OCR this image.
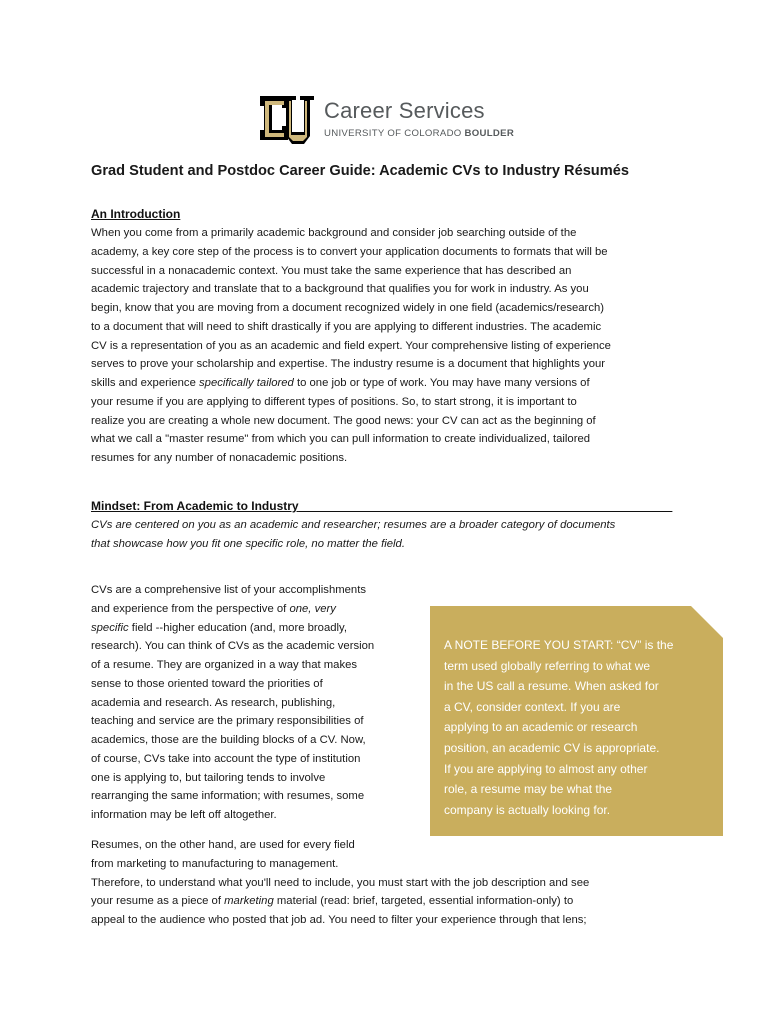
Career Services
UNIVERSITY OF COLORADO BOULDER
Grad Student and Postdoc Career Guide: Academic CVs to Industry Résumés
An Introduction
When you come from a primarily academic background and consider job searching outside of the
academy, a key core step of the process is to convert your application documents to formats that will be
successful in a nonacademic context. You must take the same experience that has described an
academic trajectory and translate that to a background that qualifies you for work in industry. As you
begin, know that you are moving from a document recognized widely in one field (academics/research)
to a document that will need to shift drastically if you are applying to different industries. The academic
CV is a representation of you as an academic and field expert. Your comprehensive listing of experience
serves to prove your scholarship and expertise. The industry resume is a document that highlights your
skills and experience specifically tailored to one job or type of work. You may have many versions of
your resume if you are applying to different types of positions. So, to start strong, it is important to
realize you are creating a whole new document. The good news: your CV can act as the beginning of
what we call a "master resume" from which you can pull information to create individualized, tailored
resumes for any number of nonacademic positions.
Mindset: From Academic to Industry________________________________________________________
CVs are centered on you as an academic and researcher; resumes are a broader category of documents
that showcase how you fit one specific role, no matter the field.
CVs are a comprehensive list of your accomplishments
and experience from the perspective of one, very
specific field --higher education (and, more broadly,
research). You can think of CVs as the academic version
of a resume. They are organized in a way that makes
sense to those oriented toward the priorities of
academia and research. As research, publishing,
teaching and service are the primary responsibilities of
academics, those are the building blocks of a CV. Now,
of course, CVs take into account the type of institution
one is applying to, but tailoring tends to involve
rearranging the same information; with resumes, some
information may be left off altogether.
A NOTE BEFORE YOU START: “CV” is the
term used globally referring to what we
in the US call a resume. When asked for
a CV, consider context. If you are
applying to an academic or research
position, an academic CV is appropriate.
If you are applying to almost any other
role, a resume may be what the
company is actually looking for.
Resumes, on the other hand, are used for every field
from marketing to manufacturing to management.
Therefore, to understand what you'll need to include, you must start with the job description and see
your resume as a piece of marketing material (read: brief, targeted, essential information-only) to
appeal to the audience who posted that job ad. You need to filter your experience through that lens;
